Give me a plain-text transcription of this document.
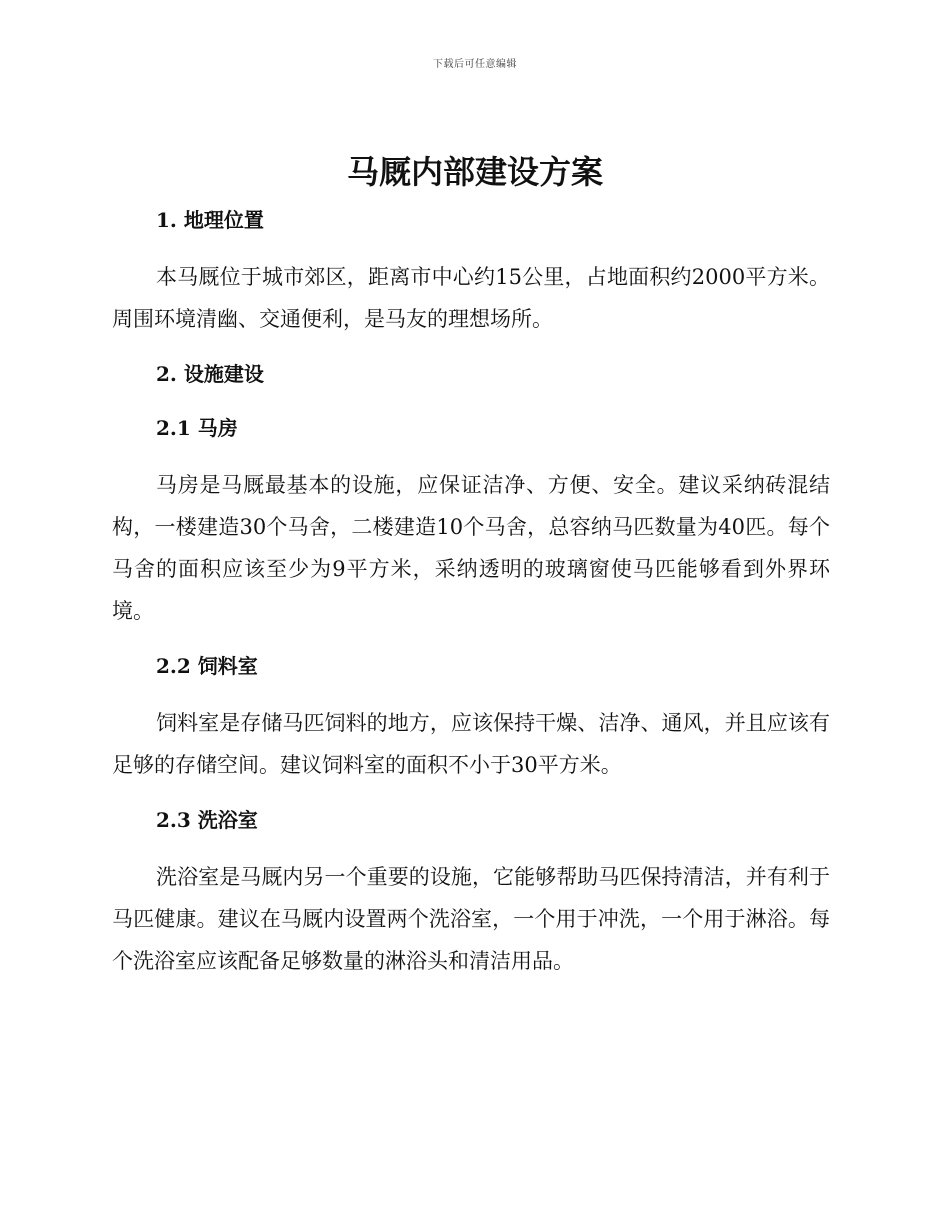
下载后可任意编辑
马厩内部建设方案
1. 地理位置

本马厩位于城市郊区，距离市中心约15公里，占地面积约2000平方米。周围环境清幽、交通便利，是马友的理想场所。

2. 设施建设
2.1 马房

马房是马厩最基本的设施，应保证洁净、方便、安全。建议采纳砖混结构，一楼建造30个马舍，二楼建造10个马舍，总容纳马匹数量为40匹。每个马舍的面积应该至少为9平方米，采纳透明的玻璃窗使马匹能够看到外界环境。

2.2 饲料室

饲料室是存储马匹饲料的地方，应该保持干燥、洁净、通风，并且应该有足够的存储空间。建议饲料室的面积不小于30平方米。

2.3 洗浴室

洗浴室是马厩内另一个重要的设施，它能够帮助马匹保持清洁，并有利于马匹健康。建议在马厩内设置两个洗浴室，一个用于冲洗，一个用于淋浴。每个洗浴室应该配备足够数量的淋浴头和清洁用品。
